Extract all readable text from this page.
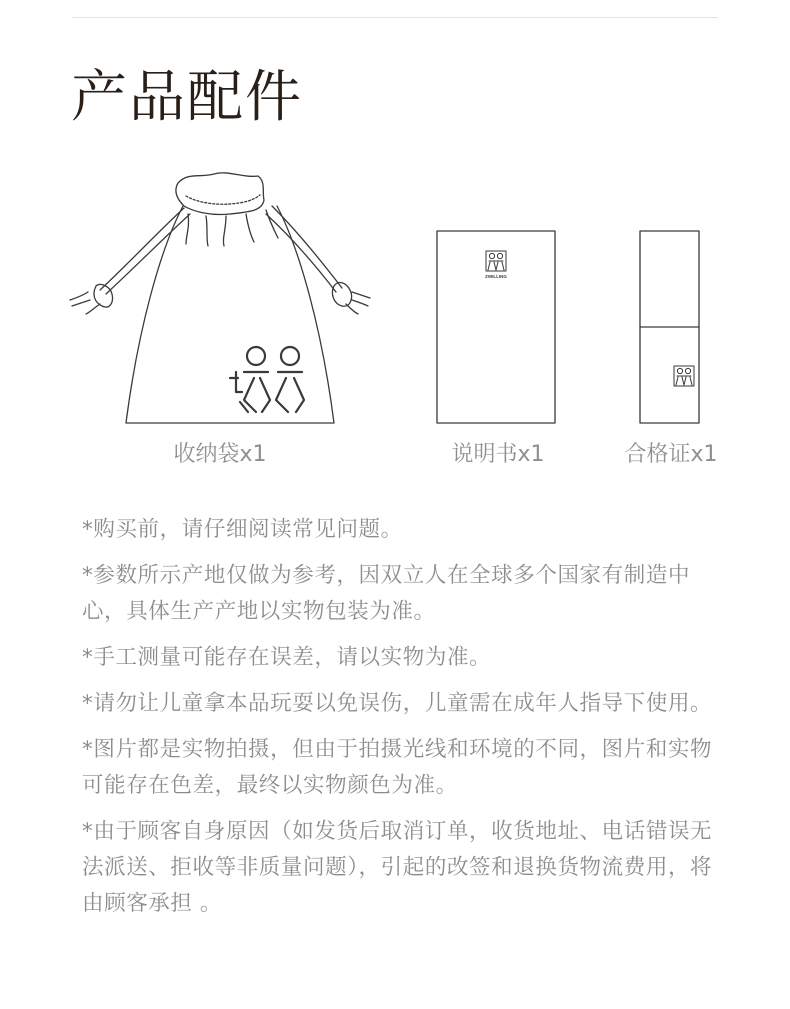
产品配件
ZWILLING
收纳袋x1	说明书x1	合格证x1
*购买前，请仔细阅读常见问题。
*参数所示产地仅做为参考，因双立人在全球多个国家有制造中心，具体生产产地以实物包装为准。
*手工测量可能存在误差，请以实物为准。
*请勿让儿童拿本品玩耍以免误伤，儿童需在成年人指导下使用。
*图片都是实物拍摄，但由于拍摄光线和环境的不同，图片和实物可能存在色差，最终以实物颜色为准。
*由于顾客自身原因（如发货后取消订单，收货地址、电话错误无法派送、拒收等非质量问题），引起的改签和退换货物流费用，将由顾客承担 。
